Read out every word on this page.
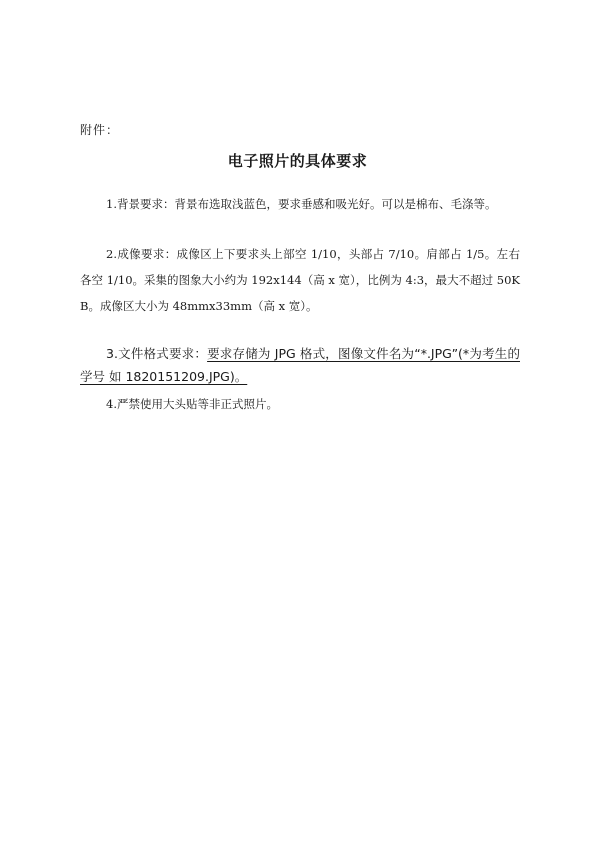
附件：
电子照片的具体要求

1.背景要求：背景布选取浅蓝色，要求垂感和吸光好。可以是棉布、毛涤等。

2.成像要求：成像区上下要求头上部空 1/10，头部占 7/10。肩部占 1/5。左右各空 1/10。采集的图象大小约为 192x144（高 x 宽），比例为 4:3，最大不超过 50KB。成像区大小为 48mmx33mm（高 x 宽）。

3.文件格式要求：要求存储为 JPG 格式，图像文件名为“*.JPG”(*为考生的学号 如 1820151209.JPG)。

4.严禁使用大头贴等非正式照片。
